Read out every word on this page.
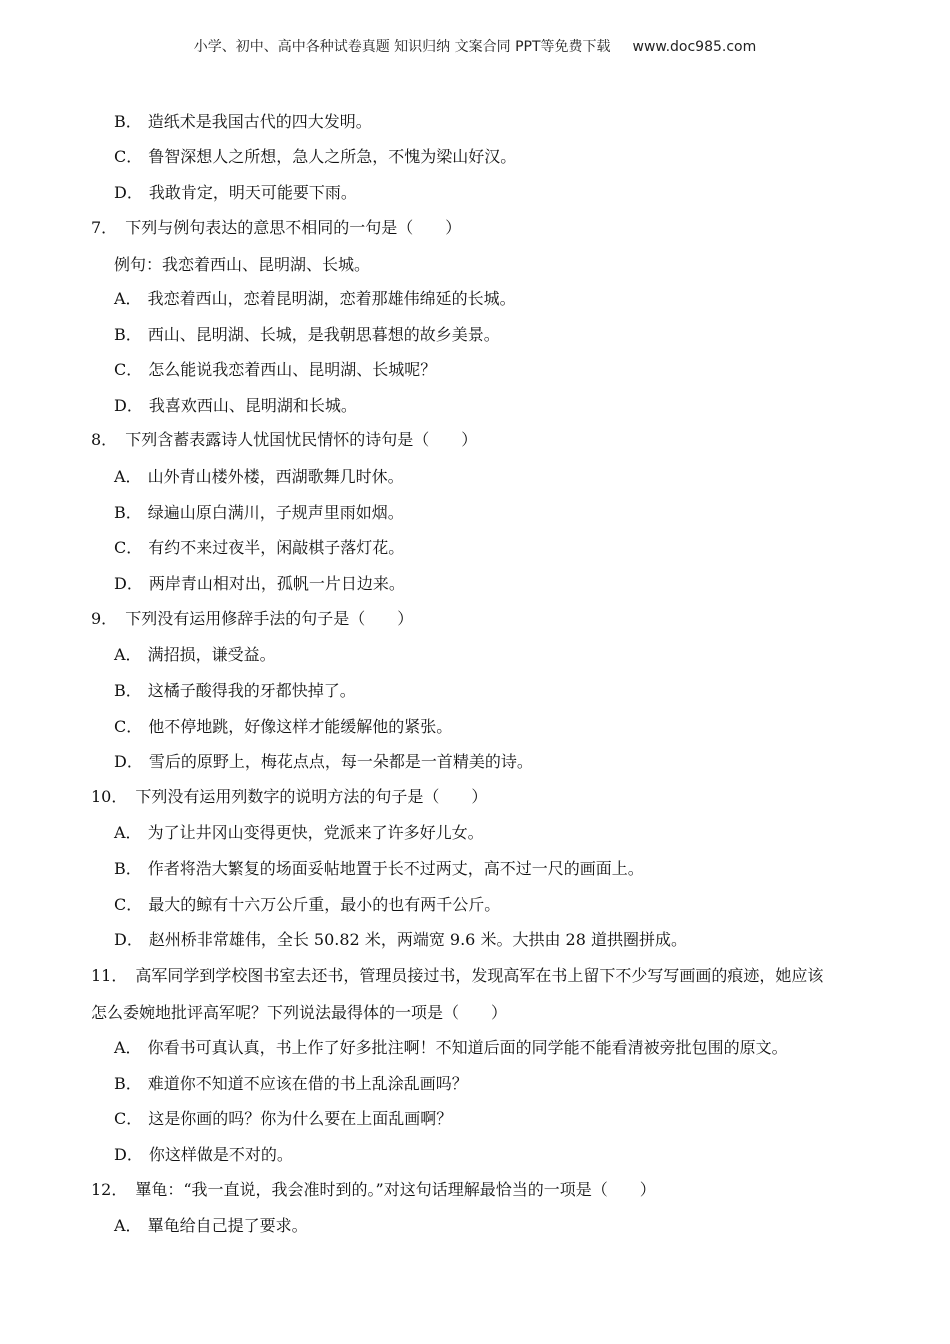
小学、初中、高中各种试卷真题 知识归纳 文案合同 PPT等免费下载 www.doc985.com
B． 造纸术是我国古代的四大发明。
C． 鲁智深想人之所想，急人之所急，不愧为梁山好汉。
D． 我敢肯定，明天可能要下雨。
7． 下列与例句表达的意思不相同的一句是（　　）
例句：我恋着西山、昆明湖、长城。
A． 我恋着西山，恋着昆明湖，恋着那雄伟绵延的长城。
B． 西山、昆明湖、长城，是我朝思暮想的故乡美景。
C． 怎么能说我恋着西山、昆明湖、长城呢？
D． 我喜欢西山、昆明湖和长城。
8． 下列含蓄表露诗人忧国忧民情怀的诗句是（　　）
A． 山外青山楼外楼，西湖歌舞几时休。
B． 绿遍山原白满川，子规声里雨如烟。
C． 有约不来过夜半，闲敲棋子落灯花。
D． 两岸青山相对出，孤帆一片日边来。
9． 下列没有运用修辞手法的句子是（　　）
A． 满招损，谦受益。
B． 这橘子酸得我的牙都快掉了。
C． 他不停地跳，好像这样才能缓解他的紧张。
D． 雪后的原野上，梅花点点，每一朵都是一首精美的诗。
10． 下列没有运用列数字的说明方法的句子是（　　）
A． 为了让井冈山变得更快，党派来了许多好儿女。
B． 作者将浩大繁复的场面妥帖地置于长不过两丈，高不过一尺的画面上。
C． 最大的鲸有十六万公斤重，最小的也有两千公斤。
D． 赵州桥非常雄伟，全长 50.82 米，两端宽 9.6 米。大拱由 28 道拱圈拼成。
11． 高军同学到学校图书室去还书，管理员接过书，发现高军在书上留下不少写写画画的痕迹，她应该
怎么委婉地批评高军呢？下列说法最得体的一项是（　　）
A． 你看书可真认真，书上作了好多批注啊！不知道后面的同学能不能看清被旁批包围的原文。
B． 难道你不知道不应该在借的书上乱涂乱画吗？
C． 这是你画的吗？你为什么要在上面乱画啊？
D． 你这样做是不对的。
12． 罼龟：“我一直说，我会准时到的。”对这句话理解最恰当的一项是（　　）
A． 罼龟给自己提了要求。
